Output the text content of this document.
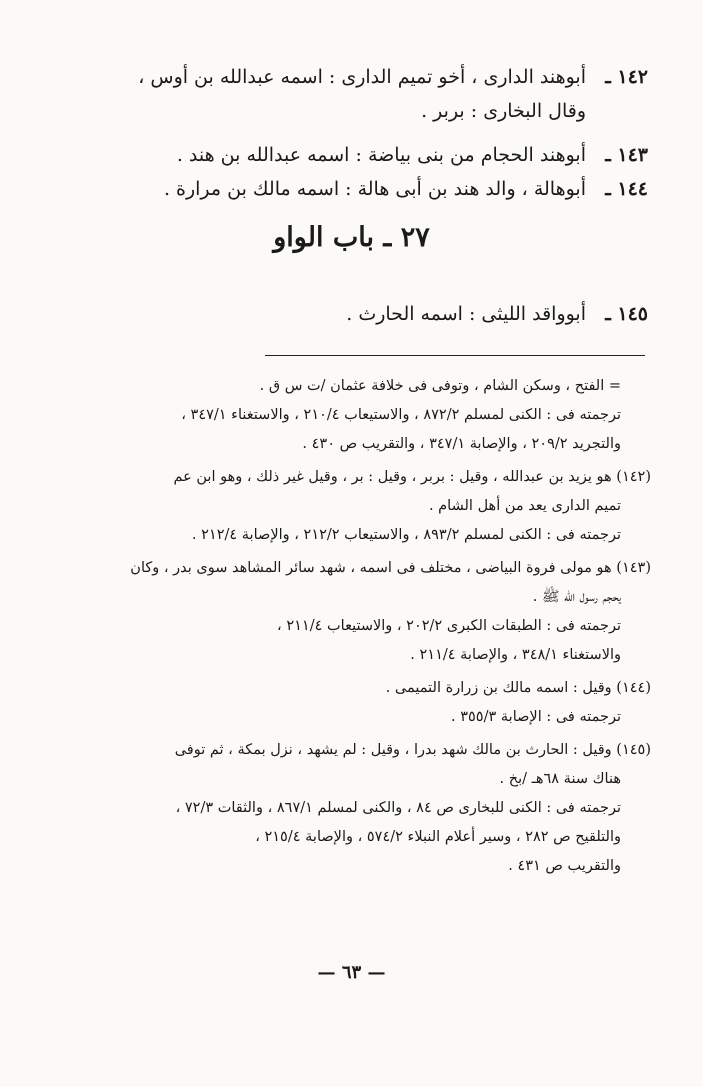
١٤٢ ـأبوهند الدارى ، أخو تميم الدارى : اسمه عبدالله بن أوس ،
وقال البخارى : بربر .
١٤٣ ـأبوهند الحجام من بنى بياضة : اسمه عبدالله بن هند .
١٤٤ ـأبوهالة ، والد هند بن أبى هالة : اسمه مالك بن مرارة .
٢٧ ـ باب الواو
١٤٥ ـأبوواقد الليثى : اسمه الحارث .
= الفتح ، وسكن الشام ، وتوفى فى خلافة عثمان /ت س ق .
ترجمته فى : الكنى لمسلم ٨٧٢/٢ ، والاستيعاب ٢١٠/٤ ، والاستغناء ٣٤٧/١ ،
والتجريد ٢٠٩/٢ ، والإصابة ٣٤٧/١ ، والتقريب ص ٤٣٠ .
(١٤٢) هو يزيد بن عبدالله ، وقيل : بربر ، وقيل : بر ، وقيل غير ذلك ، وهو ابن عم
تميم الدارى يعد من أهل الشام .
ترجمته فى : الكنى لمسلم ٨٩٣/٢ ، والاستيعاب ٢١٢/٢ ، والإصابة ٢١٢/٤ .
(١٤٣) هو مولى فروة البياضى ، مختلف فى اسمه ، شهد سائر المشاهد سوى بدر ، وكان
يحجم رسول الله ﷺ .
ترجمته فى : الطبقات الكبرى ٢٠٢/٢ ، والاستيعاب ٢١١/٤ ،
والاستغناء ٣٤٨/١ ، والإصابة ٢١١/٤ .
(١٤٤) وقيل : اسمه مالك بن زرارة التميمى .
ترجمته فى : الإصابة ٣٥٥/٣ .
(١٤٥) وقيل : الحارث بن مالك شهد بدرا ، وقيل : لم يشهد ، نزل بمكة ، ثم توفى
هناك سنة ٦٨هـ /بخ .
ترجمته فى : الكنى للبخارى ص ٨٤ ، والكنى لمسلم ٨٦٧/١ ، والثقات ٧٢/٣ ،
والتلقيح ص ٢٨٢ ، وسير أعلام النبلاء ٥٧٤/٢ ، والإصابة ٢١٥/٤ ،
والتقريب ص ٤٣١ .
— ٦٣ —
